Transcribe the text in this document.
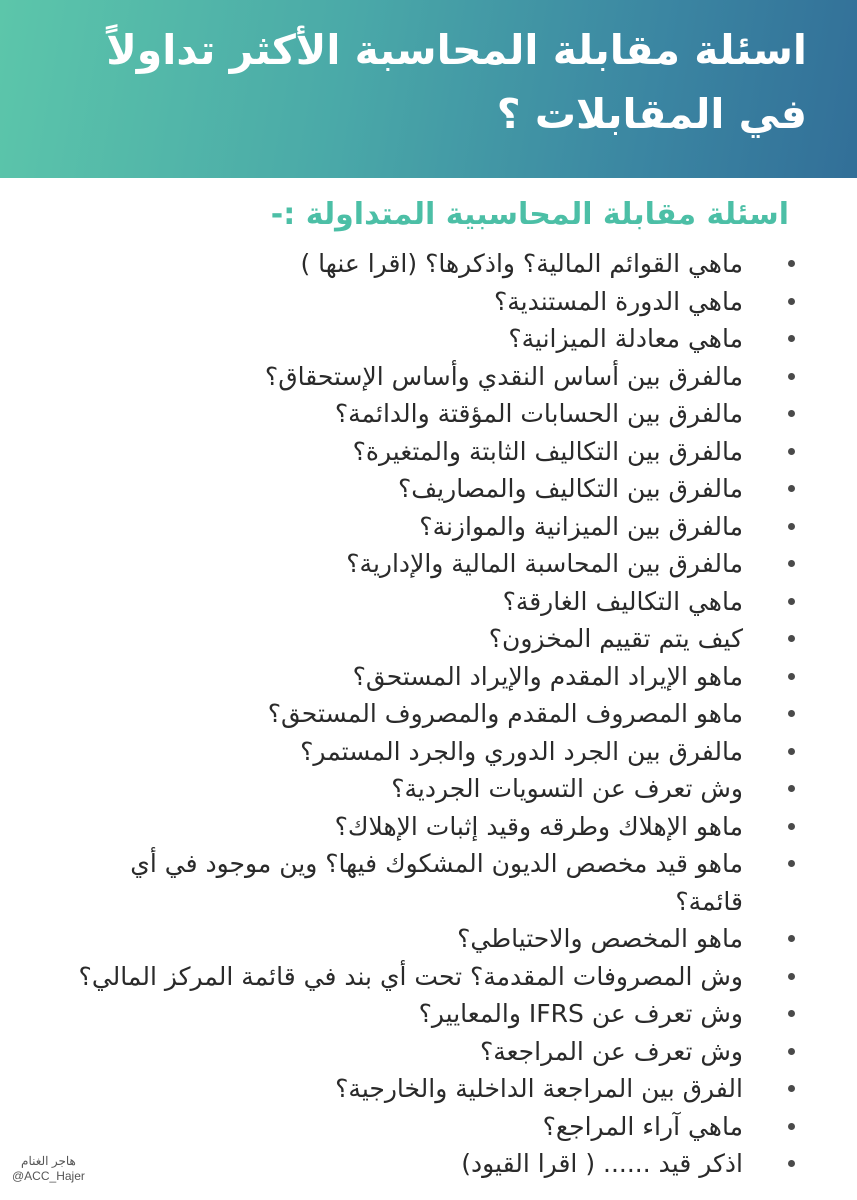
اسئلة مقابلة المحاسبة الأكثر تداولاً في المقابلات ؟
اسئلة مقابلة المحاسبية المتداولة :-
ماهي القوائم المالية؟ واذكرها؟ (اقرا عنها )
ماهي الدورة المستندية؟
ماهي معادلة الميزانية؟
مالفرق بين أساس النقدي وأساس الإستحقاق؟
مالفرق بين الحسابات المؤقتة والدائمة؟
مالفرق بين التكاليف الثابتة والمتغيرة؟
مالفرق بين التكاليف والمصاريف؟
مالفرق بين الميزانية والموازنة؟
مالفرق بين المحاسبة المالية والإدارية؟
ماهي التكاليف الغارقة؟
كيف يتم تقييم المخزون؟
ماهو الإيراد المقدم والإيراد المستحق؟
ماهو المصروف المقدم والمصروف المستحق؟
مالفرق بين الجرد الدوري والجرد المستمر؟
وش تعرف عن التسويات الجردية؟
ماهو الإهلاك وطرقه وقيد إثبات الإهلاك؟
ماهو قيد مخصص الديون المشكوك فيها؟ وين موجود في أي قائمة؟
ماهو المخصص والاحتياطي؟
وش المصروفات المقدمة؟ تحت أي بند في قائمة المركز المالي؟
وش تعرف عن IFRS والمعايير؟
وش تعرف عن المراجعة؟
الفرق بين المراجعة الداخلية والخارجية؟
ماهي آراء المراجع؟
اذكر قيد ...... ( اقرا القيود)
هاجر الغنام
@ACC_Hajer
